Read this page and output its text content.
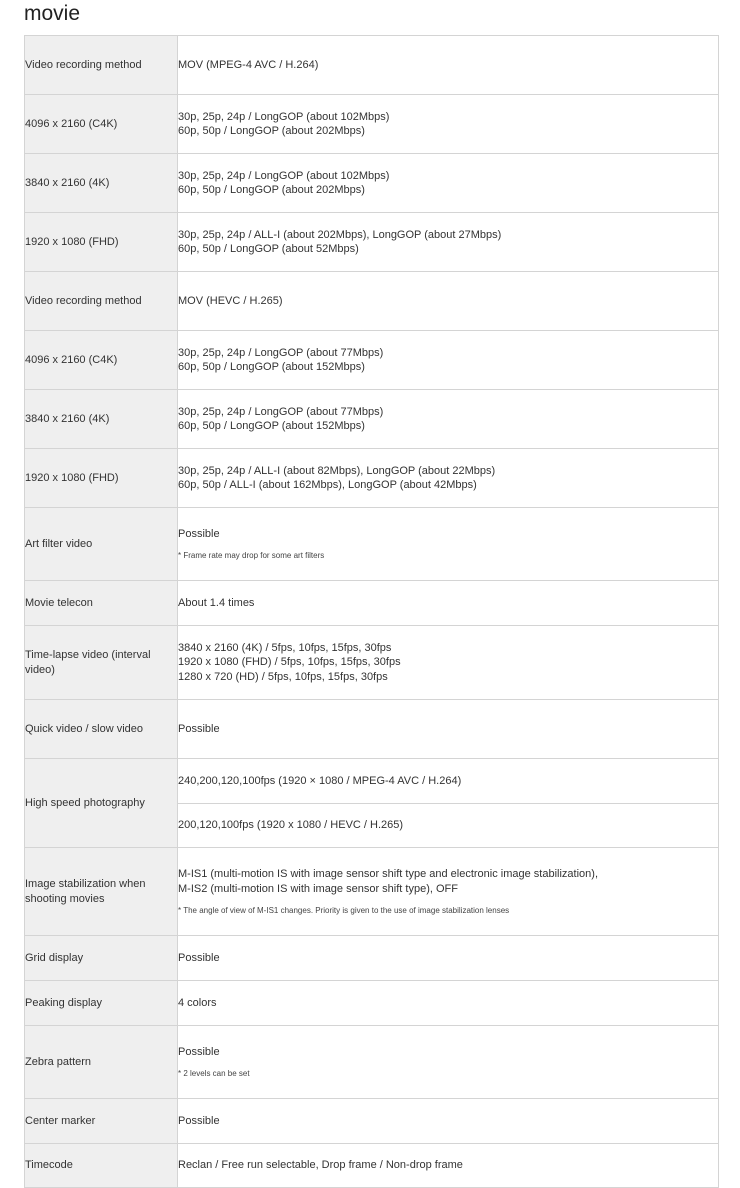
movie
Video recording method	MOV (MPEG-4 AVC / H.264)

4096 x 2160 (C4K)	30p, 25p, 24p / LongGOP (about 102Mbps)
60p, 50p / LongGOP (about 202Mbps)

3840 x 2160 (4K)	30p, 25p, 24p / LongGOP (about 102Mbps)
60p, 50p / LongGOP (about 202Mbps)

1920 x 1080 (FHD)	30p, 25p, 24p / ALL-I (about 202Mbps), LongGOP (about 27Mbps)
60p, 50p / LongGOP (about 52Mbps)

Video recording method	MOV (HEVC / H.265)

4096 x 2160 (C4K)	30p, 25p, 24p / LongGOP (about 77Mbps)
60p, 50p / LongGOP (about 152Mbps)

3840 x 2160 (4K)	30p, 25p, 24p / LongGOP (about 77Mbps)
60p, 50p / LongGOP (about 152Mbps)

1920 x 1080 (FHD)	30p, 25p, 24p / ALL-I (about 82Mbps), LongGOP (about 22Mbps)
60p, 50p / ALL-I (about 162Mbps), LongGOP (about 42Mbps)

Art filter video	Possible
* Frame rate may drop for some art filters

Movie telecon	About 1.4 times

Time-lapse video (interval video)	3840 x 2160 (4K) / 5fps, 10fps, 15fps, 30fps
1920 x 1080 (FHD) / 5fps, 10fps, 15fps, 30fps
1280 x 720 (HD) / 5fps, 10fps, 15fps, 30fps

Quick video / slow video	Possible

High speed photography	240,200,120,100fps (1920 × 1080 / MPEG-4 AVC / H.264)

	200,120,100fps (1920 x 1080 / HEVC / H.265)

Image stabilization when shooting movies	M-IS1 (multi-motion IS with image sensor shift type and electronic image stabilization),
M-IS2 (multi-motion IS with image sensor shift type), OFF
* The angle of view of M-IS1 changes. Priority is given to the use of image stabilization lenses

Grid display	Possible

Peaking display	4 colors

Zebra pattern	Possible
* 2 levels can be set

Center marker	Possible

Timecode	Reclan / Free run selectable, Drop frame / Non-drop frame
